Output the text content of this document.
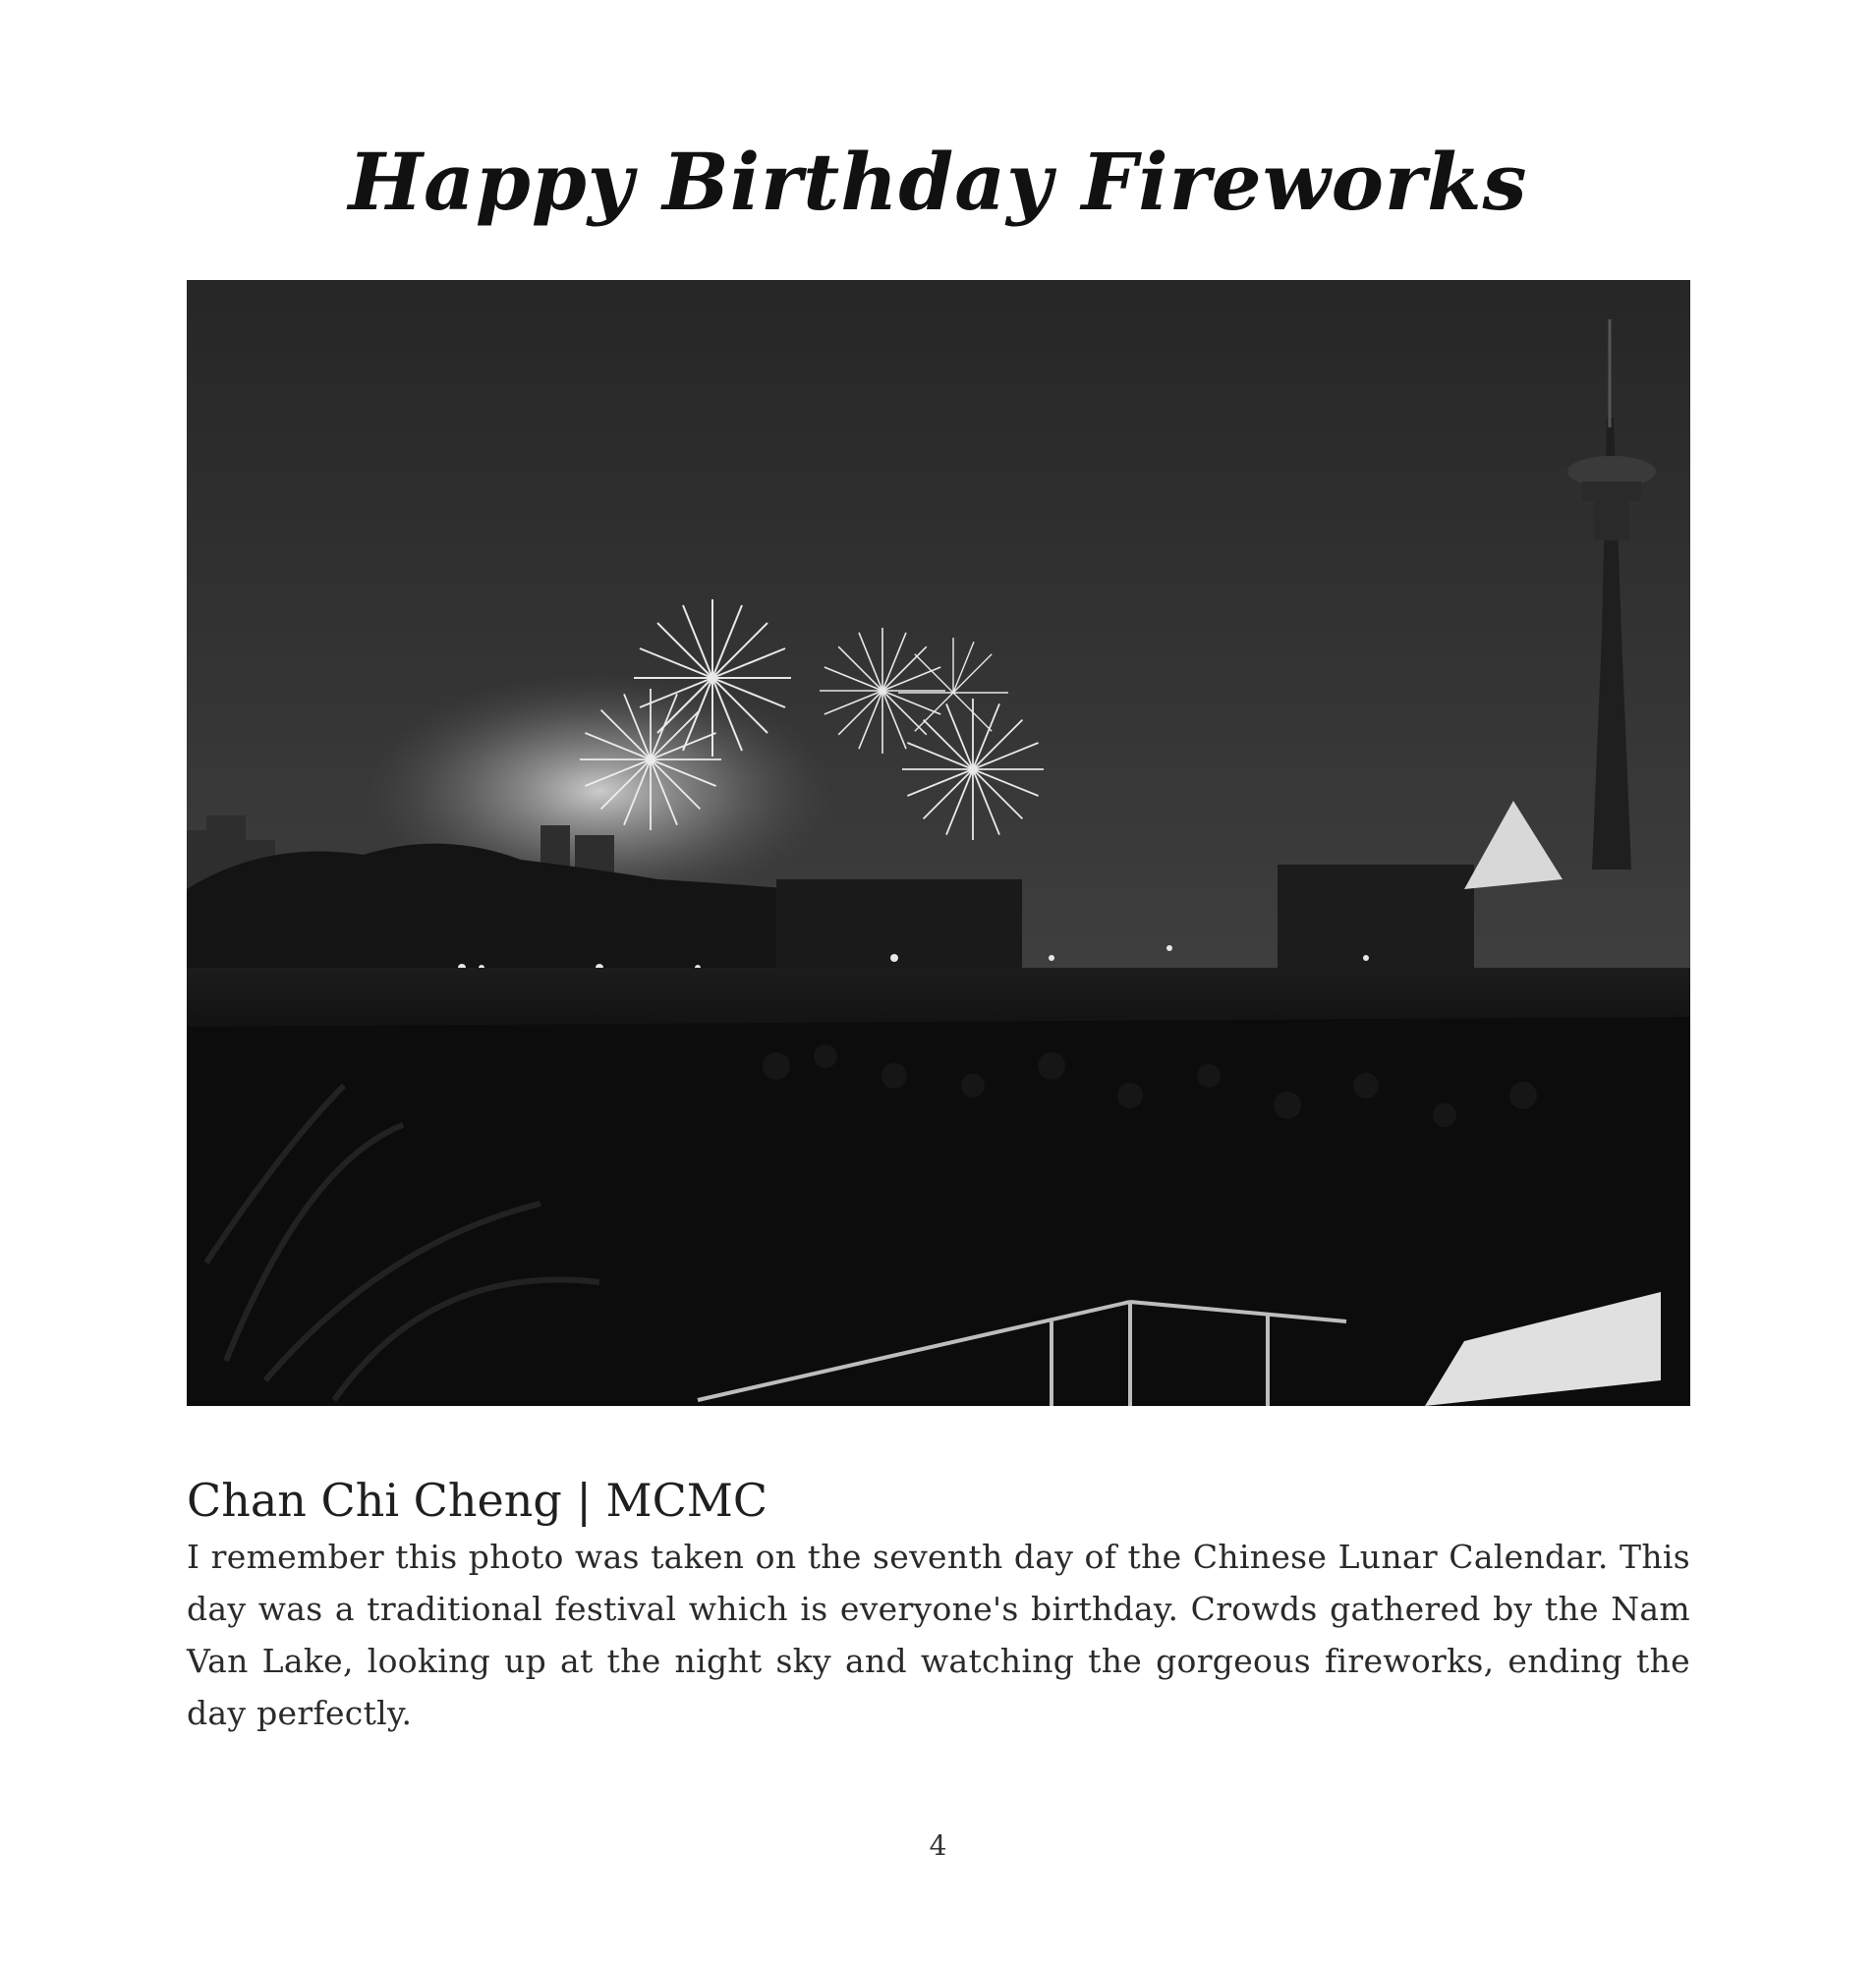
Happy Birthday Fireworks
Chan Chi Cheng | MCMC
I remember this photo was taken on the seventh day of the Chinese Lunar Calendar. This day was a traditional festival which is everyone's birthday. Crowds gathered by the Nam Van Lake, looking up at the night sky and watching the gorgeous fireworks, ending the day perfectly.
4
